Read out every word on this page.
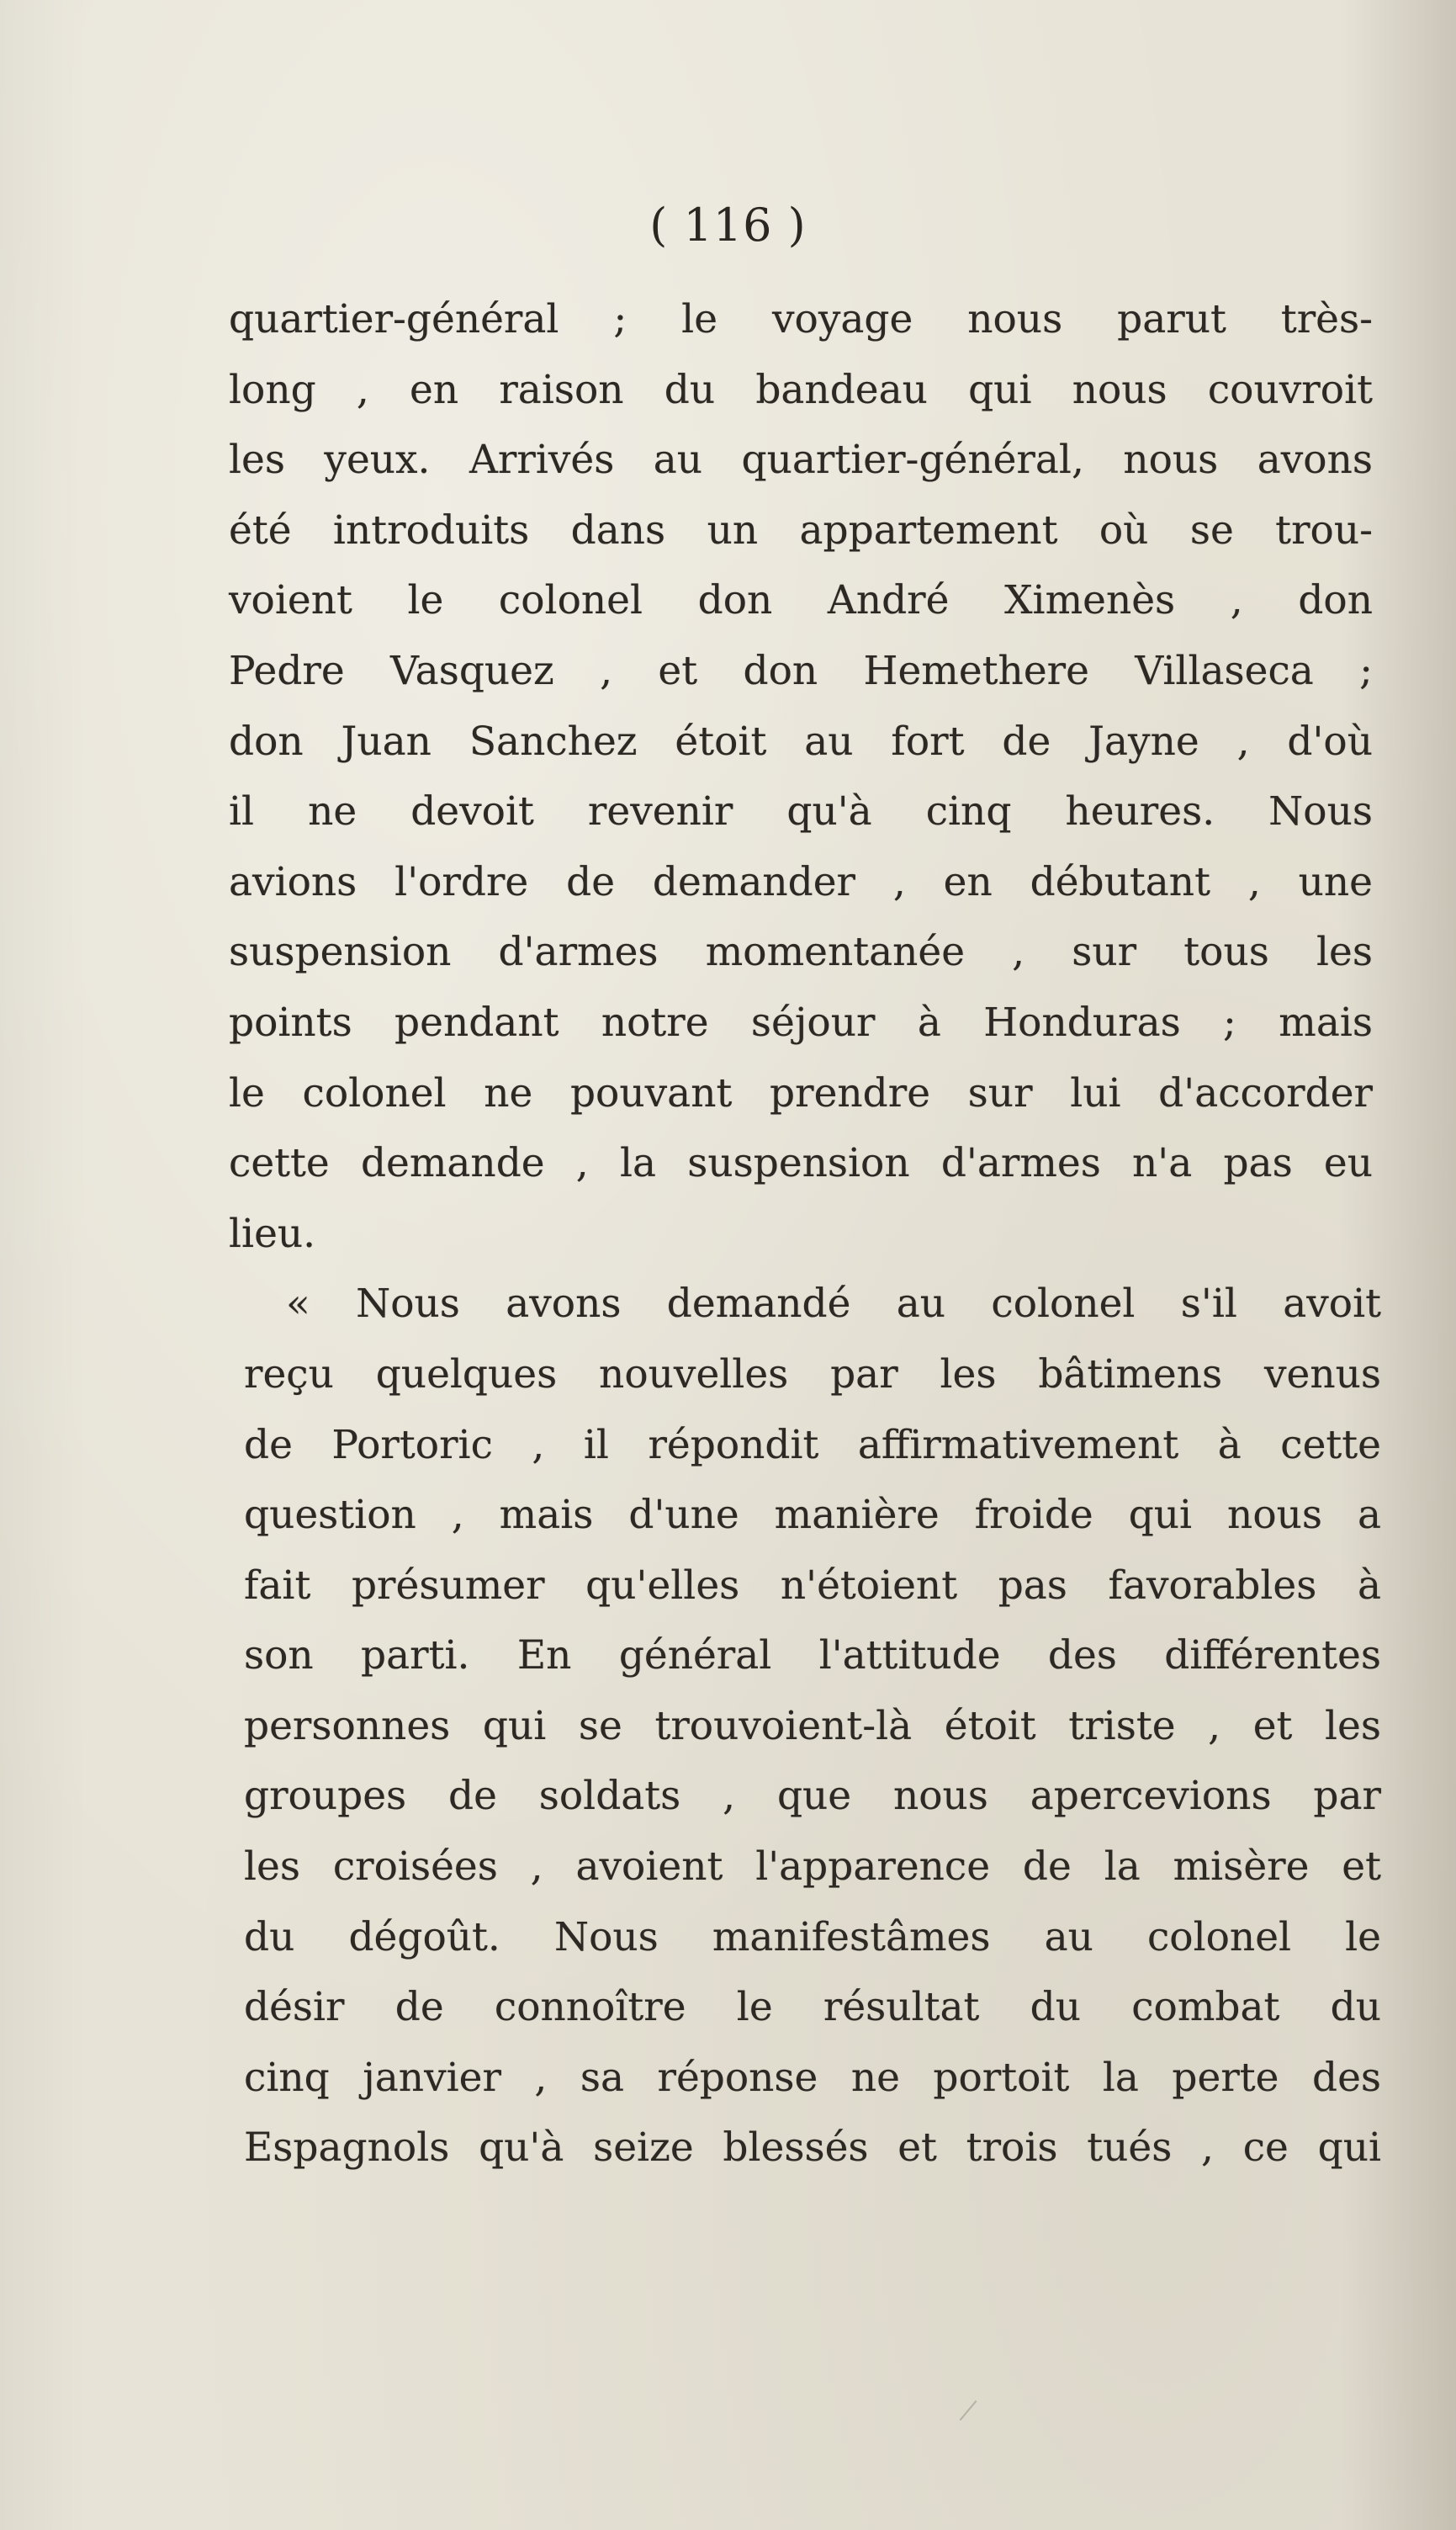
( 116 )
quartier-général ; le voyage nous parut très-
long , en raison du bandeau qui nous couvroit
les yeux. Arrivés au quartier-général, nous avons
été introduits dans un appartement où se trou-
voient le colonel don André Ximenès , don
Pedre Vasquez , et don Hemethere Villaseca ;
don Juan Sanchez étoit au fort de Jayne , d'où
il ne devoit revenir qu'à cinq heures. Nous
avions l'ordre de demander , en débutant , une
suspension d'armes momentanée , sur tous les
points pendant notre séjour à Honduras ; mais
le colonel ne pouvant prendre sur lui d'accorder
cette demande , la suspension d'armes n'a pas eu
lieu.
« Nous avons demandé au colonel s'il avoit
reçu quelques nouvelles par les bâtimens venus
de Portoric , il répondit affirmativement à cette
question , mais d'une manière froide qui nous a
fait présumer qu'elles n'étoient pas favorables à
son parti. En général l'attitude des différentes
personnes qui se trouvoient-là étoit triste , et les
groupes de soldats , que nous apercevions par
les croisées , avoient l'apparence de la misère et
du dégoût. Nous manifestâmes au colonel le
désir de connoître le résultat du combat du
cinq janvier , sa réponse ne portoit la perte des
Espagnols qu'à seize blessés et trois tués , ce qui
